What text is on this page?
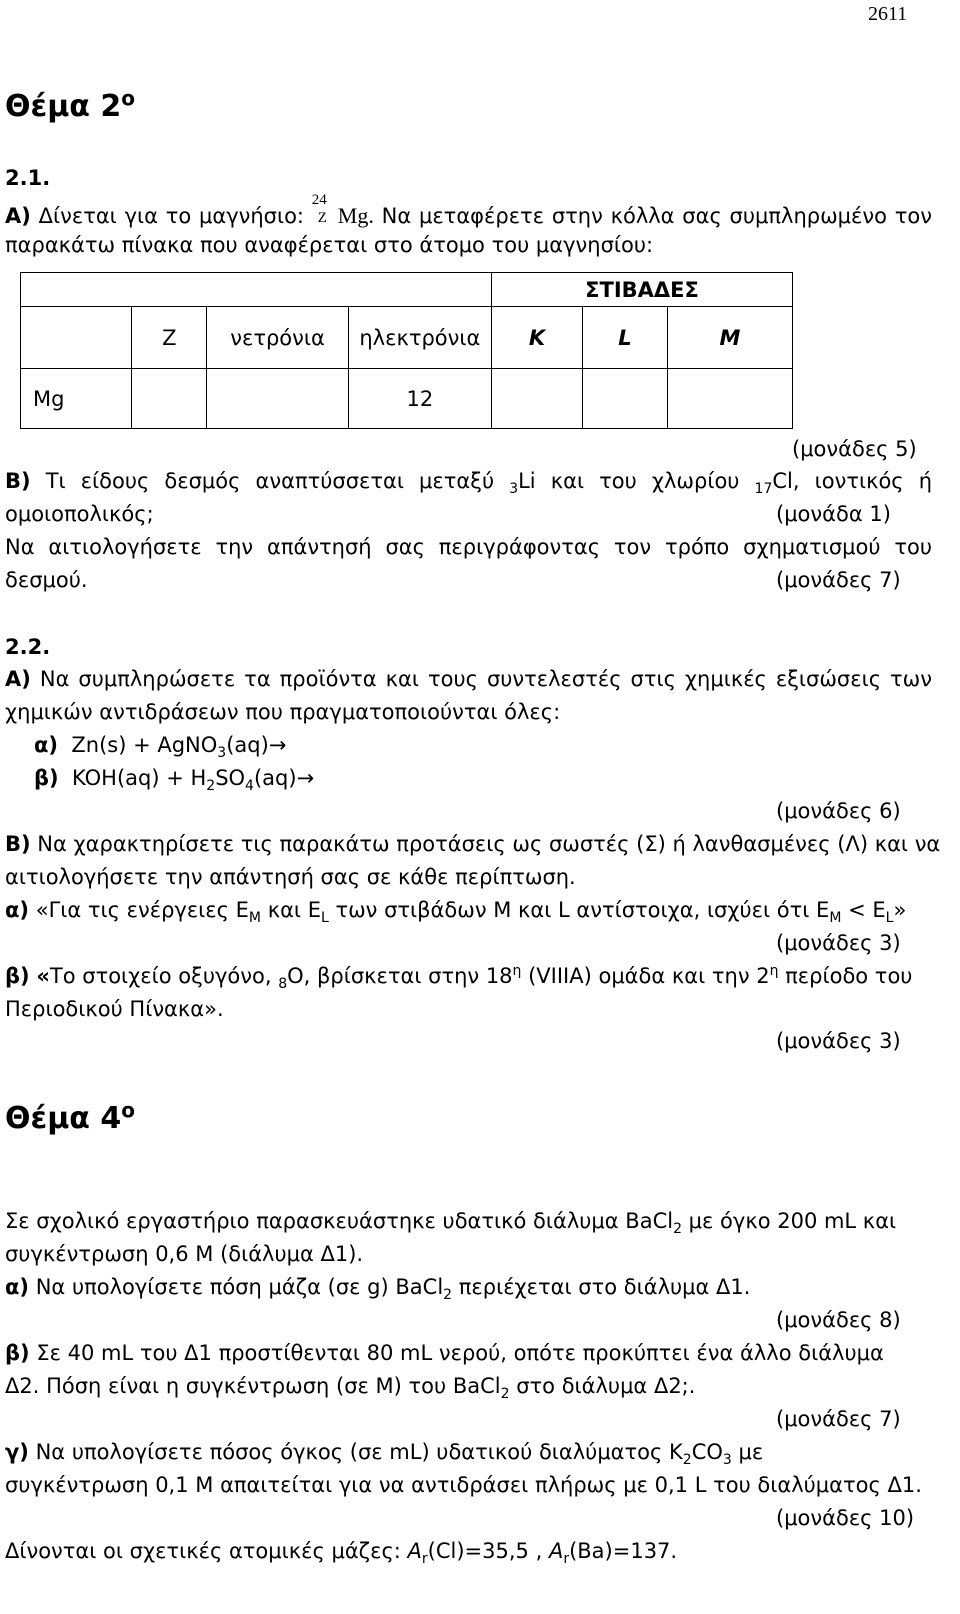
2611
Θέμα $2^o$
2.1.
Α) Δίνεται για το μαγνήσιο:
24
Z Mg. Να μεταφέρετε στην κόλλα σας συμπληρωμένο τον
παρακάτω πίνακα που αναφέρεται στο άτομο του μαγνησίου:
				ΣΤΙΒΑΔΕΣ		
	Z	νετρόνια	ηλεκτρόνια	K	L	M
Mg			12			
(μονάδες 5)
Β) Τι είδους δεσμός αναπτύσσεται μεταξύ $_3$Li και του χλωρίου $_{17}$Cl, ιοντικός ή
ομοιοπολικός;	(μονάδα 1)
Να αιτιολογήσετε την απάντησή σας περιγράφοντας τον τρόπο σχηματισμού του
δεσμού.	(μονάδες 7)
2.2.
Α) Να συμπληρώσετε τα προϊόντα και τους συντελεστές στις χημικές εξισώσεις των
χημικών αντιδράσεων που πραγματοποιούνται όλες:
α) Zn(s) + AgNO$_3$(aq)→
β) $KOH(aq) + H_2SO_4(aq)\to$
(μονάδες 6)
Β) Να χαρακτηρίσετε τις παρακάτω προτάσεις ως σωστές (Σ) ή λανθασμένες (Λ) και να
αιτιολογήσετε την απάντησή σας σε κάθε περίπτωση.
α) «Για τις ενέργειες $E_M$ και $E_L$ των στιβάδων M και L αντίστοιχα, ισχύει ότι $E_M < E_L$»
(μονάδες 3)
β) «Το στοιχείο οξυγόνο, $_8$O, βρίσκεται στην $18^\eta$ (VIIIA) ομάδα και την $2^\eta$ περίοδο του
Περιοδικού Πίνακα».
(μονάδες 3)
Θέμα $4^o$
Σε σχολικό εργαστήριο παρασκευάστηκε υδατικό διάλυμα BaCl$_2$ με όγκο 200 mL και
συγκέντρωση 0,6 M (διάλυμα Δ1).
α) Να υπολογίσετε πόση μάζα (σε g) BaCl$_2$ περιέχεται στο διάλυμα Δ1.
(μονάδες 8)
β) Σε 40 mL του Δ1 προστίθενται 80 mL νερού, οπότε προκύπτει ένα άλλο διάλυμα
Δ2. Πόση είναι η συγκέντρωση (σε M) του BaCl$_2$ στο διάλυμα Δ2;.
(μονάδες 7)
γ) Να υπολογίσετε πόσος όγκος (σε mL) υδατικού διαλύματος $K_2CO_3$ με
συγκέντρωση 0,1 M απαιτείται για να αντιδράσει πλήρως με 0,1 L του διαλύματος Δ1.
(μονάδες 10)
Δίνονται οι σχετικές ατομικές μάζες: $A_r(Cl)=35,5$ , $A_r(Ba)=137$.
